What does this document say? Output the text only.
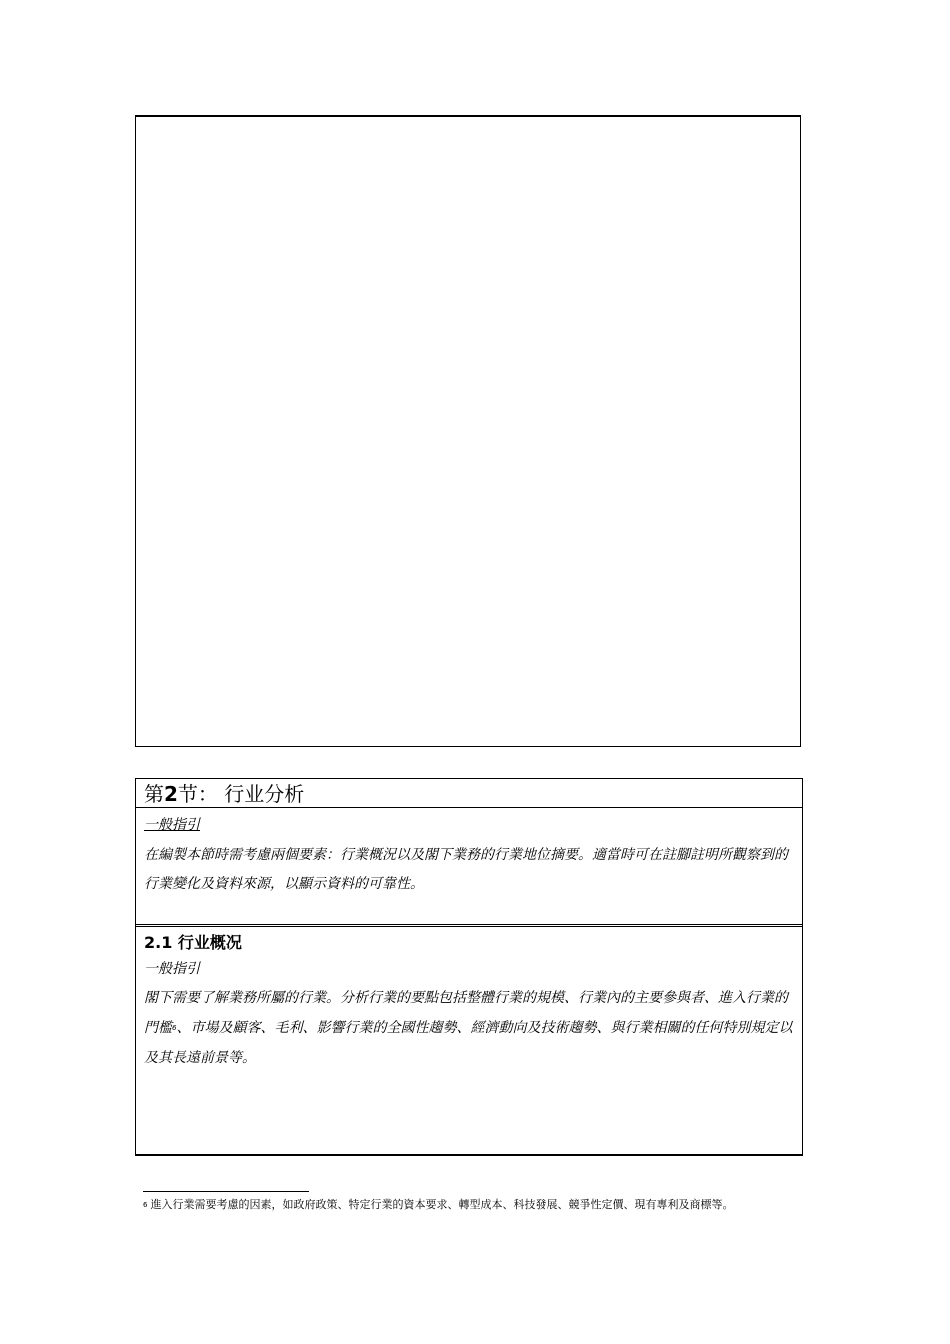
第2节： 行业分析
一般指引
在編製本節時需考慮兩個要素：行業概況以及閣下業務的行業地位摘要。適當時可在註腳註明所觀察到的行業變化及資料來源，以顯示資料的可靠性。
2.1 行业概况
一般指引
閣下需要了解業務所屬的行業。分析行業的要點包括整體行業的規模、行業內的主要參與者、進入行業的門檻$^6$、市場及顧客、毛利、影響行業的全國性趨勢、經濟動向及技術趨勢、與行業相關的任何特別規定以及其長遠前景等。
$^6$ 進入行業需要考慮的因素，如政府政策、特定行業的資本要求、轉型成本、科技發展、競爭性定價、現有專利及商標等。
